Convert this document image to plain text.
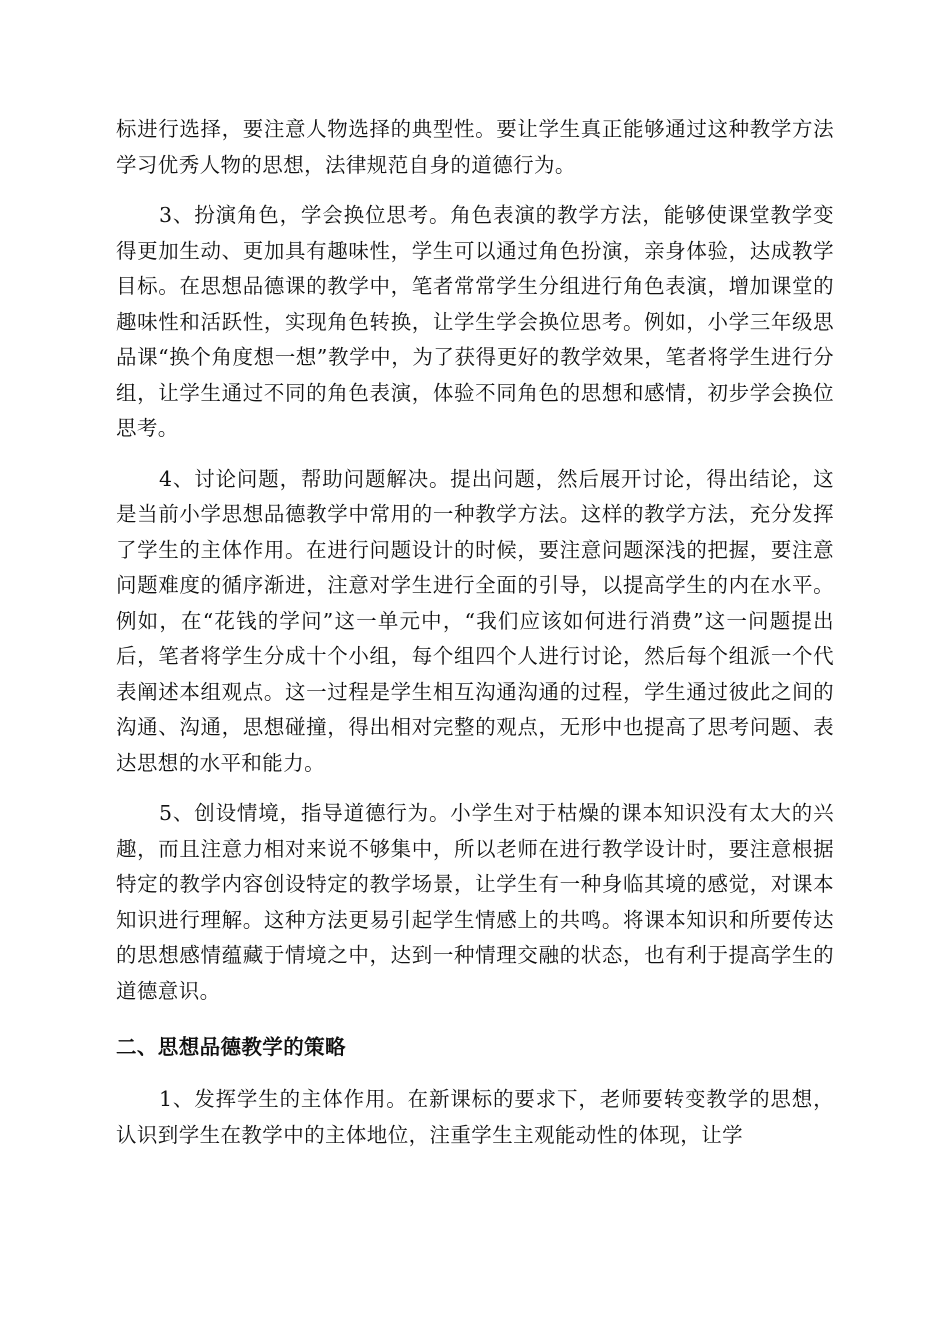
标进行选择，要注意人物选择的典型性。要让学生真正能够通过这种教学方法学习优秀人物的思想，法律规范自身的道德行为。

3、扮演角色，学会换位思考。角色表演的教学方法，能够使课堂教学变得更加生动、更加具有趣味性，学生可以通过角色扮演，亲身体验，达成教学目标。在思想品德课的教学中，笔者常常学生分组进行角色表演，增加课堂的趣味性和活跃性，实现角色转换，让学生学会换位思考。例如，小学三年级思品课“换个角度想一想”教学中，为了获得更好的教学效果，笔者将学生进行分组，让学生通过不同的角色表演，体验不同角色的思想和感情，初步学会换位思考。

4、讨论问题，帮助问题解决。提出问题，然后展开讨论，得出结论，这是当前小学思想品德教学中常用的一种教学方法。这样的教学方法，充分发挥了学生的主体作用。在进行问题设计的时候，要注意问题深浅的把握，要注意问题难度的循序渐进，注意对学生进行全面的引导，以提高学生的内在水平。例如，在“花钱的学问”这一单元中，“我们应该如何进行消费”这一问题提出后，笔者将学生分成十个小组，每个组四个人进行讨论，然后每个组派一个代表阐述本组观点。这一过程是学生相互沟通沟通的过程，学生通过彼此之间的沟通、沟通，思想碰撞，得出相对完整的观点，无形中也提高了思考问题、表达思想的水平和能力。

5、创设情境，指导道德行为。小学生对于枯燥的课本知识没有太大的兴趣，而且注意力相对来说不够集中，所以老师在进行教学设计时，要注意根据特定的教学内容创设特定的教学场景，让学生有一种身临其境的感觉，对课本知识进行理解。这种方法更易引起学生情感上的共鸣。将课本知识和所要传达的思想感情蕴藏于情境之中，达到一种情理交融的状态，也有利于提高学生的道德意识。

二、思想品德教学的策略

1、发挥学生的主体作用。在新课标的要求下，老师要转变教学的思想，认识到学生在教学中的主体地位，注重学生主观能动性的体现，让学
